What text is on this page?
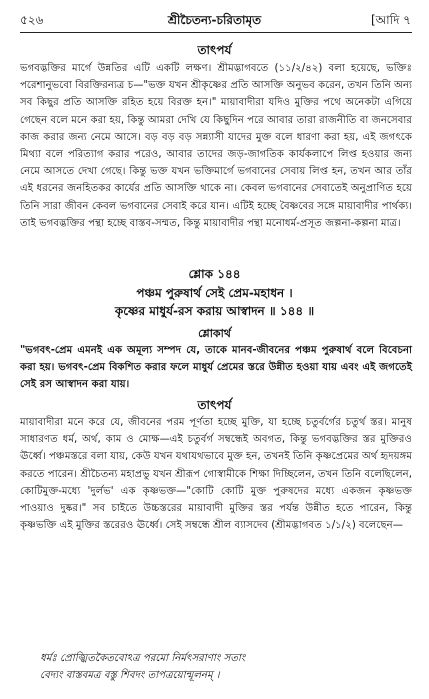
৫২৬	শ্রীচৈতন্য-চরিতামৃত	[আদি ৭
তাৎপর্য
ভগবদ্ভক্তির মার্গে উন্নতির এটি একটি লক্ষণ। শ্রীমদ্ভাগবতে (১১/২/৪২) বলা হয়েছে, ভক্তিঃ পরেশানুভবো বিরক্তিরন্যত্র চ—"ভক্ত যখন শ্রীকৃষ্ণের প্রতি আসক্তি অনুভব করেন, তখন তিনি অন্য সব কিছুর প্রতি আসক্তি রহিত হয়ে বিরক্ত হন।" মায়াবাদীরা যদিও মুক্তির পথে অনেকটা এগিয়ে গেছেন বলে মনে করা হয়, কিন্তু আমরা দেখি যে কিছুদিন পরে আবার তারা রাজনীতি বা জনসেবার কাজ করার জন্য নেমে আসে। বড় বড় বড় সন্ন্যাসী যাদের মুক্ত বলে ধারণা করা হয়, এই জগৎকে মিথ্যা বলে পরিত্যাগ করার পরেও, আবার তাদের জড়-জাগতিক কার্যকলাপে লিপ্ত হওয়ার জন্য নেমে আসতে দেখা গেছে। কিন্তু ভক্ত যখন ভক্তিমার্গে ভগবানের সেবায় লিপ্ত হন, তখন আর তাঁর এই ধরনের জনহিতকর কার্যের প্রতি আসক্তি থাকে না। কেবল ভগবানের সেবাতেই অনুপ্রাণিত হয়ে তিনি সারা জীবন কেবল ভগবানের সেবাই করে যান। এটিই হচ্ছে বৈষ্ণবের সঙ্গে মায়াবাদীর পার্থক্য। তাই ভগবদ্ভক্তির পন্থা হচ্ছে বাস্তব-সম্মত, কিন্তু মায়াবাদীর পন্থা মনোধর্ম-প্রসূত জল্পনা-কল্পনা মাত্র।
শ্লোক ১৪৪
পঞ্চম পুরুষার্থ সেই প্রেম-মহাধন ।
কৃষ্ণের মাধুর্য-রস করায় আস্বাদন ॥ ১৪৪ ॥
শ্লোকার্থ
"ভগবৎ-প্রেম এমনই এক অমূল্য সম্পদ যে, তাকে মানব-জীবনের পঞ্চম পুরুষার্থ বলে বিবেচনা করা হয়। ভগবৎ-প্রেম বিকশিত করার ফলে মাধুর্য প্রেমের স্তরে উন্নীত হওয়া যায় এবং এই জগতেই সেই রস আস্বাদন করা যায়।
তাৎপর্য
মায়াবাদীরা মনে করে যে, জীবনের পরম পূর্ণতা হচ্ছে মুক্তি, যা হচ্ছে চতুর্বর্গের চতুর্থ স্তর। মানুষ সাধারণত ধর্ম, অর্থ, কাম ও মোক্ষ—এই চতুর্বর্গ সম্বন্ধেই অবগত, কিন্তু ভগবদ্ভক্তির স্তর মুক্তিরও ঊর্ধ্বে। পঞ্চমস্তরে বলা যায়, কেউ যখন যথাযথভাবে মুক্ত হন, তখনই তিনি কৃষ্ণপ্রেমের অর্থ হৃদয়ঙ্গম করতে পারেন। শ্রীচৈতন্য মহাপ্রভু যখন শ্রীরূপ গোস্বামীকে শিক্ষা দিচ্ছিলেন, তখন তিনি বলেছিলেন, কোটিমুক্ত-মধ্যে 'দুর্লভ' এক কৃষ্ণভক্ত—"কোটি কোটি মুক্ত পুরুষদের মধ্যে একজন কৃষ্ণভক্ত পাওয়াও দুষ্কর।" সব চাইতে উচ্চস্তরের মায়াবাদী মুক্তির স্তর পর্যন্ত উন্নীত হতে পারেন, কিন্তু কৃষ্ণভক্তি এই মুক্তির স্তরেরও ঊর্ধ্বে। সেই সম্বন্ধে শ্রীল ব্যাসদেব (শ্রীমদ্ভাগবত ১/১/২) বলেছেন—
ধর্মঃ প্রোজ্ঝিতকৈতবোঽত্র পরমো নির্মৎসরাণাং সতাং
বেদ্যং বাস্তবমত্র বস্তু শিবদং তাপত্রয়োন্মূলনম্ ।
